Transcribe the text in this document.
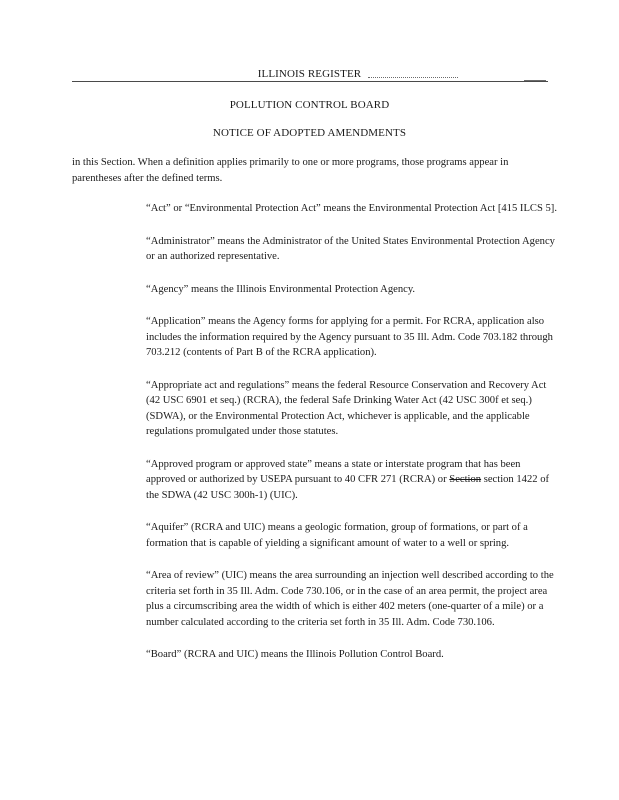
ILLINOIS REGISTER
POLLUTION CONTROL BOARD
NOTICE OF ADOPTED AMENDMENTS
in this Section. When a definition applies primarily to one or more programs, those programs appear in parentheses after the defined terms.

“Act” or “Environmental Protection Act” means the Environmental Protection Act [415 ILCS 5].

“Administrator” means the Administrator of the United States Environmental Protection Agency or an authorized representative.

“Agency” means the Illinois Environmental Protection Agency.

“Application” means the Agency forms for applying for a permit. For RCRA, application also includes the information required by the Agency pursuant to 35 Ill. Adm. Code 703.182 through 703.212 (contents of Part B of the RCRA application).

“Appropriate act and regulations” means the federal Resource Conservation and Recovery Act (42 USC 6901 et seq.) (RCRA), the federal Safe Drinking Water Act (42 USC 300f et seq.) (SDWA), or the Environmental Protection Act, whichever is applicable, and the applicable regulations promulgated under those statutes.

“Approved program or approved state” means a state or interstate program that has been approved or authorized by USEPA pursuant to 40 CFR 271 (RCRA) or Section section 1422 of the SDWA (42 USC 300h-1) (UIC).

“Aquifer” (RCRA and UIC) means a geologic formation, group of formations, or part of a formation that is capable of yielding a significant amount of water to a well or spring.

“Area of review” (UIC) means the area surrounding an injection well described according to the criteria set forth in 35 Ill. Adm. Code 730.106, or in the case of an area permit, the project area plus a circumscribing area the width of which is either 402 meters (one-quarter of a mile) or a number calculated according to the criteria set forth in 35 Ill. Adm. Code 730.106.

“Board” (RCRA and UIC) means the Illinois Pollution Control Board.
